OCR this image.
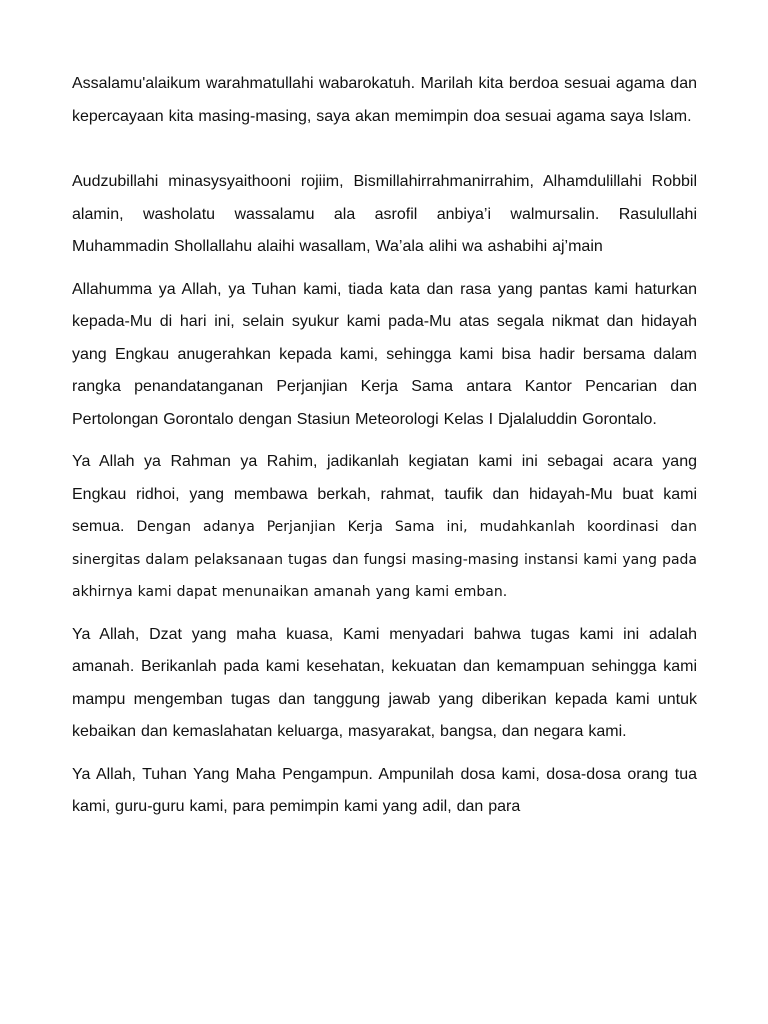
Assalamu'alaikum warahmatullahi wabarokatuh. Marilah kita berdoa sesuai agama dan kepercayaan kita masing-masing, saya akan memimpin doa sesuai agama saya Islam.

Audzubillahi minasysyaithooni rojiim, Bismillahirrahmanirrahim, Alhamdulillahi Robbil alamin, washolatu wassalamu ala asrofil anbiya’i walmursalin. Rasulullahi Muhammadin Shollallahu alaihi wasallam, Wa’ala alihi wa ashabihi aj’main

Allahumma ya Allah, ya Tuhan kami, tiada kata dan rasa yang pantas kami haturkan kepada-Mu di hari ini, selain syukur kami pada-Mu atas segala nikmat dan hidayah yang Engkau anugerahkan kepada kami, sehingga kami bisa hadir bersama dalam rangka penandatanganan Perjanjian Kerja Sama antara Kantor Pencarian dan Pertolongan Gorontalo dengan Stasiun Meteorologi Kelas I Djalaluddin Gorontalo.

Ya Allah ya Rahman ya Rahim, jadikanlah kegiatan kami ini sebagai acara yang Engkau ridhoi, yang membawa berkah, rahmat, taufik dan hidayah-Mu buat kami semua. Dengan adanya Perjanjian Kerja Sama ini, mudahkanlah koordinasi dan sinergitas dalam pelaksanaan tugas dan fungsi masing-masing instansi kami yang pada akhirnya kami dapat menunaikan amanah yang kami emban.

Ya Allah, Dzat yang maha kuasa, Kami menyadari bahwa tugas kami ini adalah amanah. Berikanlah pada kami kesehatan, kekuatan dan kemampuan sehingga kami mampu mengemban tugas dan tanggung jawab yang diberikan kepada kami untuk kebaikan dan kemaslahatan keluarga, masyarakat, bangsa, dan negara kami.

Ya Allah, Tuhan Yang Maha Pengampun. Ampunilah dosa kami, dosa-dosa orang tua kami, guru-guru kami, para pemimpin kami yang adil, dan para
